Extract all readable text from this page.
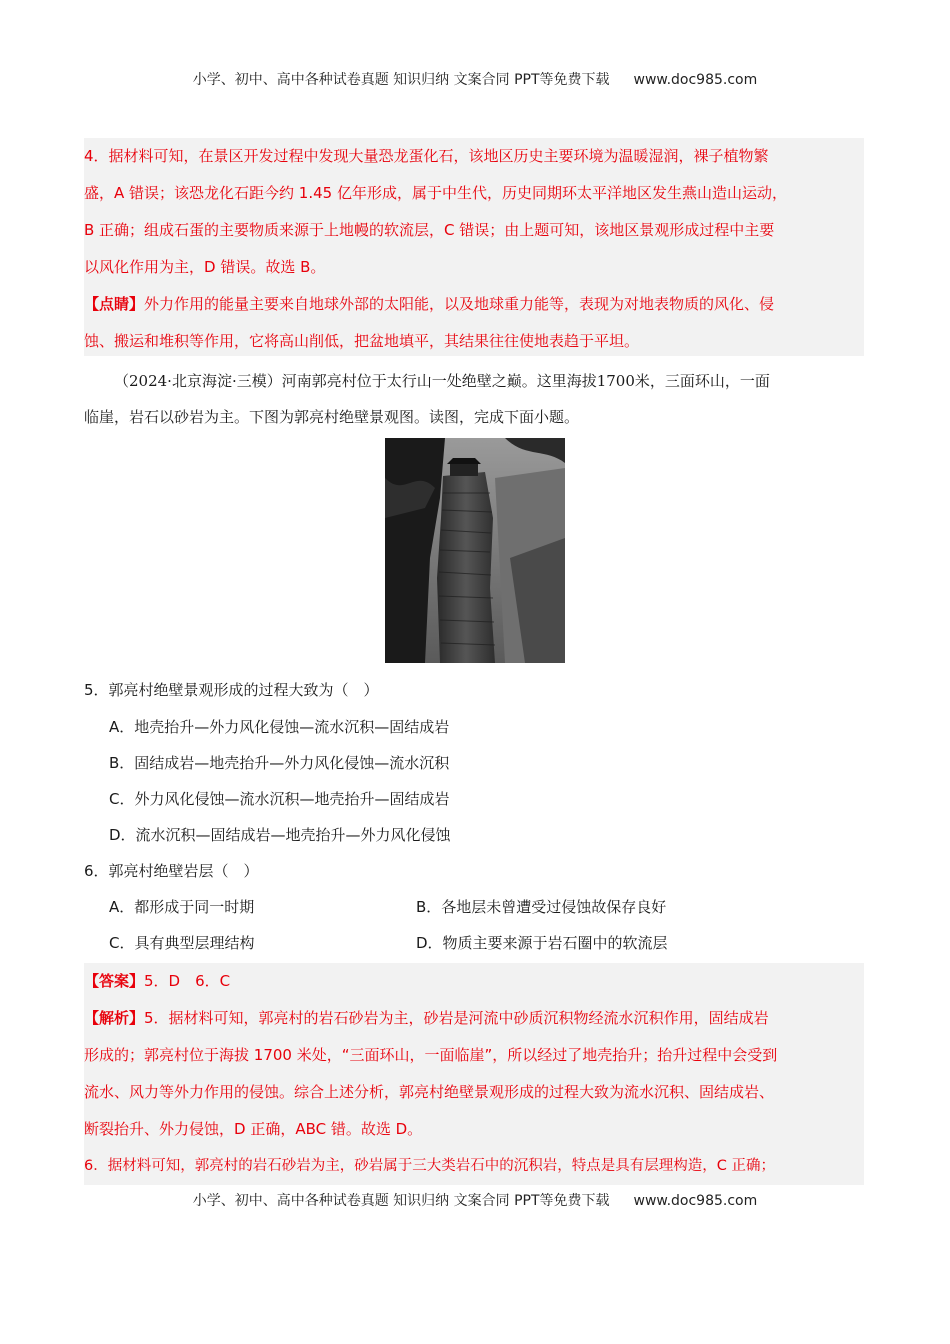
小学、初中、高中各种试卷真题 知识归纳 文案合同 PPT等免费下载 www.doc985.com

4．据材料可知，在景区开发过程中发现大量恐龙蛋化石，该地区历史主要环境为温暖湿润，裸子植物繁

盛，A 错误；该恐龙化石距今约 1.45 亿年形成，属于中生代，历史同期环太平洋地区发生燕山造山运动，

B 正确；组成石蛋的主要物质来源于上地幔的软流层，C 错误；由上题可知，该地区景观形成过程中主要

以风化作用为主，D 错误。故选 B。

【点睛】外力作用的能量主要来自地球外部的太阳能，以及地球重力能等，表现为对地表物质的风化、侵

蚀、搬运和堆积等作用，它将高山削低，把盆地填平，其结果往往使地表趋于平坦。

（2024·北京海淀·三模）河南郭亮村位于太行山一处绝壁之巅。这里海拔1700米，三面环山，一面

临崖，岩石以砂岩为主。下图为郭亮村绝壁景观图。读图，完成下面小题。

5．郭亮村绝壁景观形成的过程大致为（　）
A．地壳抬升—外力风化侵蚀—流水沉积—固结成岩
B．固结成岩—地壳抬升—外力风化侵蚀—流水沉积
C．外力风化侵蚀—流水沉积—地壳抬升—固结成岩
D．流水沉积—固结成岩—地壳抬升—外力风化侵蚀
6．郭亮村绝壁岩层（　）
A．都形成于同一时期	B．各地层未曾遭受过侵蚀故保存良好
C．具有典型层理结构	D．物质主要来源于岩石圈中的软流层

【答案】5．D　6．C

【解析】5．据材料可知，郭亮村的岩石砂岩为主，砂岩是河流中砂质沉积物经流水沉积作用，固结成岩

形成的；郭亮村位于海拔 1700 米处，“三面环山，一面临崖”，所以经过了地壳抬升；抬升过程中会受到

流水、风力等外力作用的侵蚀。综合上述分析，郭亮村绝壁景观形成的过程大致为流水沉积、固结成岩、

断裂抬升、外力侵蚀，D 正确，ABC 错。故选 D。

6．据材料可知，郭亮村的岩石砂岩为主，砂岩属于三大类岩石中的沉积岩，特点是具有层理构造，C 正确；

小学、初中、高中各种试卷真题 知识归纳 文案合同 PPT等免费下载 www.doc985.com
